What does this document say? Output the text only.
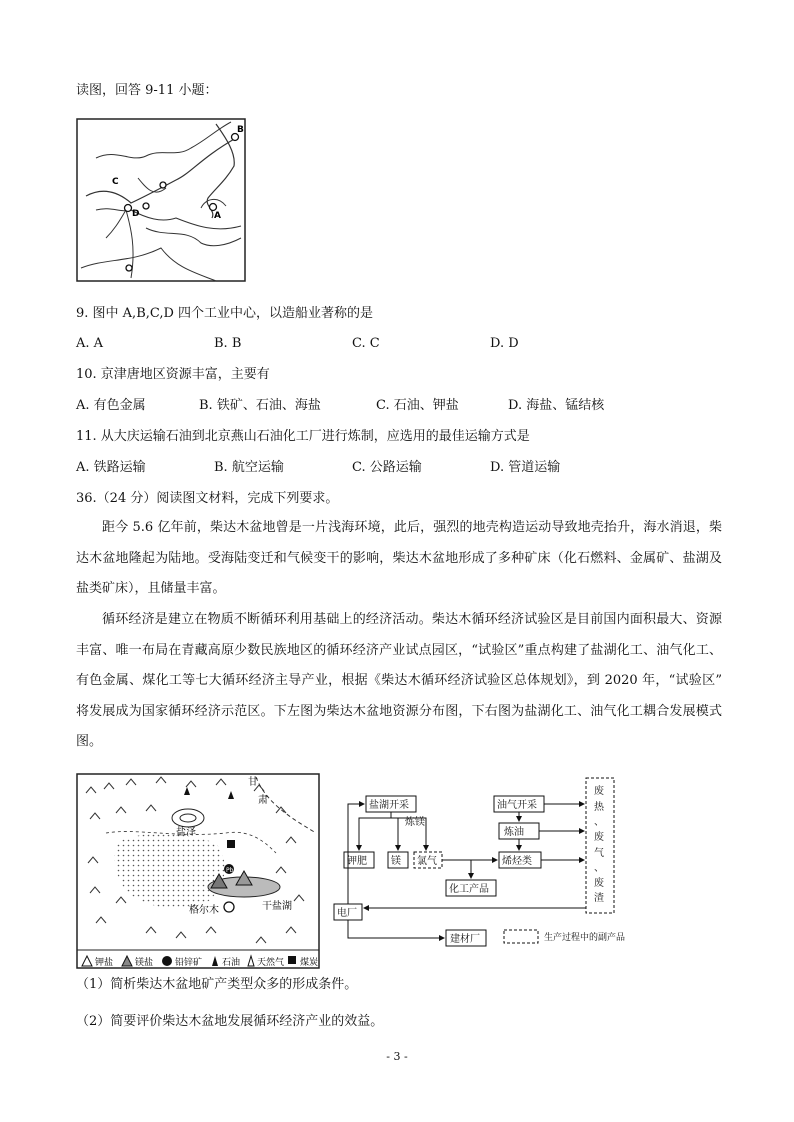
读图，回答 9-11 小题：
B
A
C
D
9. 图中 A,B,C,D 四个工业中心，以造船业著称的是
A. A	B. B	C. C	D. D
10. 京津唐地区资源丰富，主要有
A. 有色金属	B. 铁矿、石油、海盐	C. 石油、钾盐	D. 海盐、锰结核
11. 从大庆运输石油到北京燕山石油化工厂进行炼制，应选用的最佳运输方式是
A. 铁路运输	B. 航空运输	C. 公路运输	D. 管道运输
36.（24 分）阅读图文材料，完成下列要求。
距今 5.6 亿年前，柴达木盆地曾是一片浅海环境，此后，强烈的地壳构造运动导致地壳抬升，海水消退，柴达木盆地隆起为陆地。受海陆变迁和气候变干的影响，柴达木盆地形成了多种矿床（化石燃料、金属矿、盐湖及 盐类矿床），且储量丰富。
循环经济是建立在物质不断循环利用基础上的经济活动。柴达木循环经济试验区是目前国内面积最大、资源 丰富、唯一布局在青藏高原少数民族地区的循环经济产业试点园区，“试验区”重点构建了盐湖化工、油气化工、 有色金属、煤化工等七大循环经济主导产业，根据《柴达木循环经济试验区总体规划》，到 2020 年，“试验区” 将发展成为国家循环经济示范区。下左图为柴达木盆地资源分布图，下右图为盐湖化工、油气化工耦合发展模式图。
Pb
甘
肃
盐泽
格尔木	干盐湖
钾盐 镁盐 铅锌矿 石油 天然气 煤炭
盐湖开采
炼镁
钾肥 镁 氯气
油气开采
炼油
烯烃类
化工产品
电厂
建材厂
废
热
、
废
气
、
废
渣
生产过程中的副产品
（1）简析柴达木盆地矿产类型众多的形成条件。
（2）简要评价柴达木盆地发展循环经济产业的效益。
- 3 -
